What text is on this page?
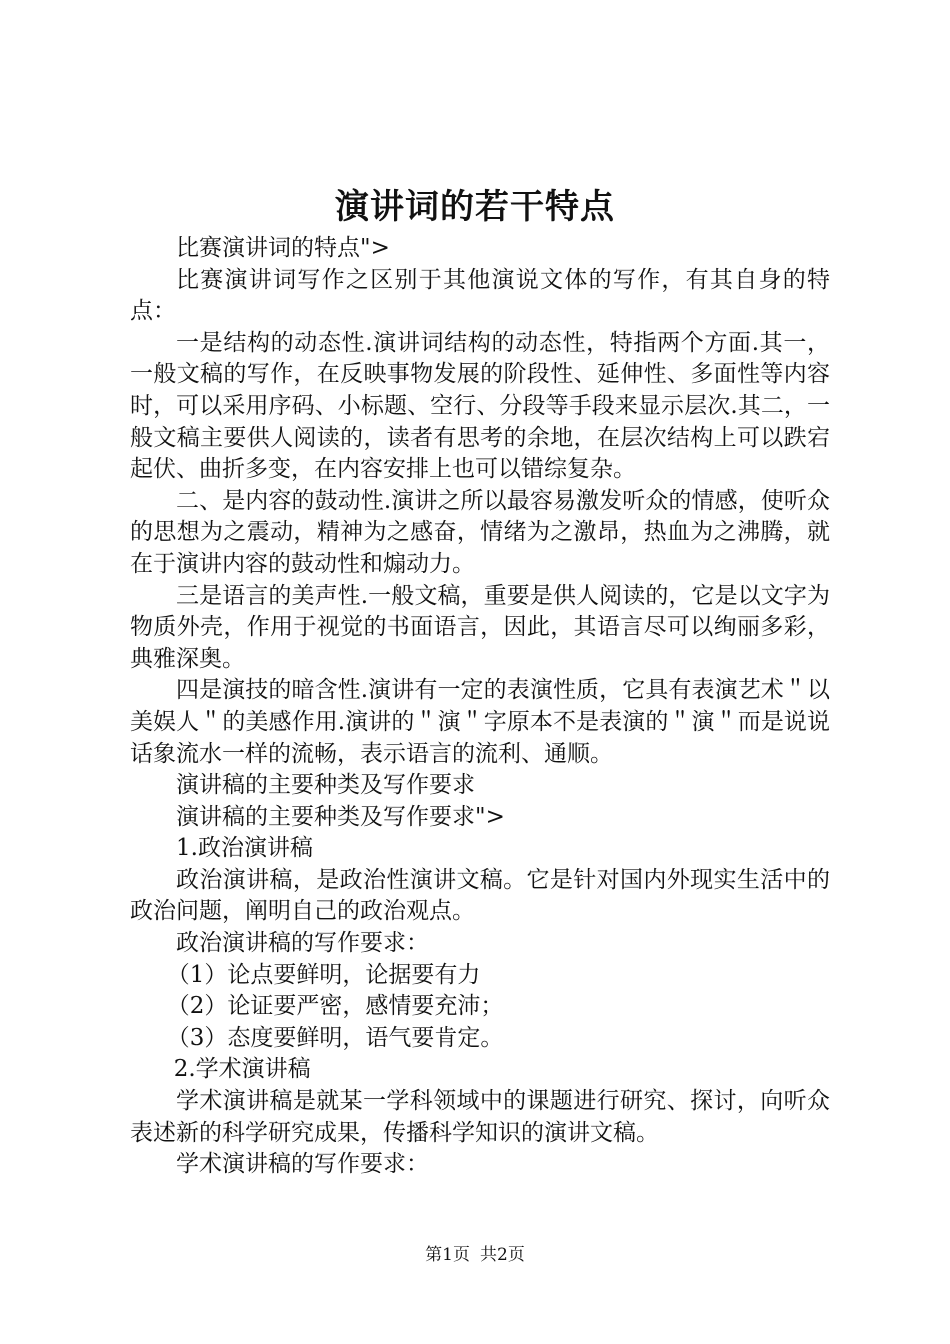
演讲词的若干特点

比赛演讲词的特点">

比赛演讲词写作之区别于其他演说文体的写作，有其自身的特点：

一是结构的动态性.演讲词结构的动态性，特指两个方面.其一，一般文稿的写作，在反映事物发展的阶段性、延伸性、多面性等内容时，可以采用序码、小标题、空行、分段等手段来显示层次.其二，一般文稿主要供人阅读的，读者有思考的余地，在层次结构上可以跌宕起伏、曲折多变，在内容安排上也可以错综复杂。

二、是内容的鼓动性.演讲之所以最容易激发听众的情感，使听众的思想为之震动，精神为之感奋，情绪为之激昂，热血为之沸腾，就在于演讲内容的鼓动性和煽动力。

三是语言的美声性.一般文稿，重要是供人阅读的，它是以文字为物质外壳，作用于视觉的书面语言，因此，其语言尽可以绚丽多彩，典雅深奥。

四是演技的暗含性.演讲有一定的表演性质，它具有表演艺术＂以美娱人＂的美感作用.演讲的＂演＂字原本不是表演的＂演＂而是说说话象流水一样的流畅，表示语言的流利、通顺。

演讲稿的主要种类及写作要求

演讲稿的主要种类及写作要求">

1.政治演讲稿

政治演讲稿，是政治性演讲文稿。它是针对国内外现实生活中的政治问题，阐明自己的政治观点。

政治演讲稿的写作要求：

（1）论点要鲜明，论据要有力

（2）论证要严密，感情要充沛；

（3）态度要鲜明，语气要肯定。

2.学术演讲稿

学术演讲稿是就某一学科领域中的课题进行研究、探讨，向听众表述新的科学研究成果，传播科学知识的演讲文稿。

学术演讲稿的写作要求：

第1页 共2页
